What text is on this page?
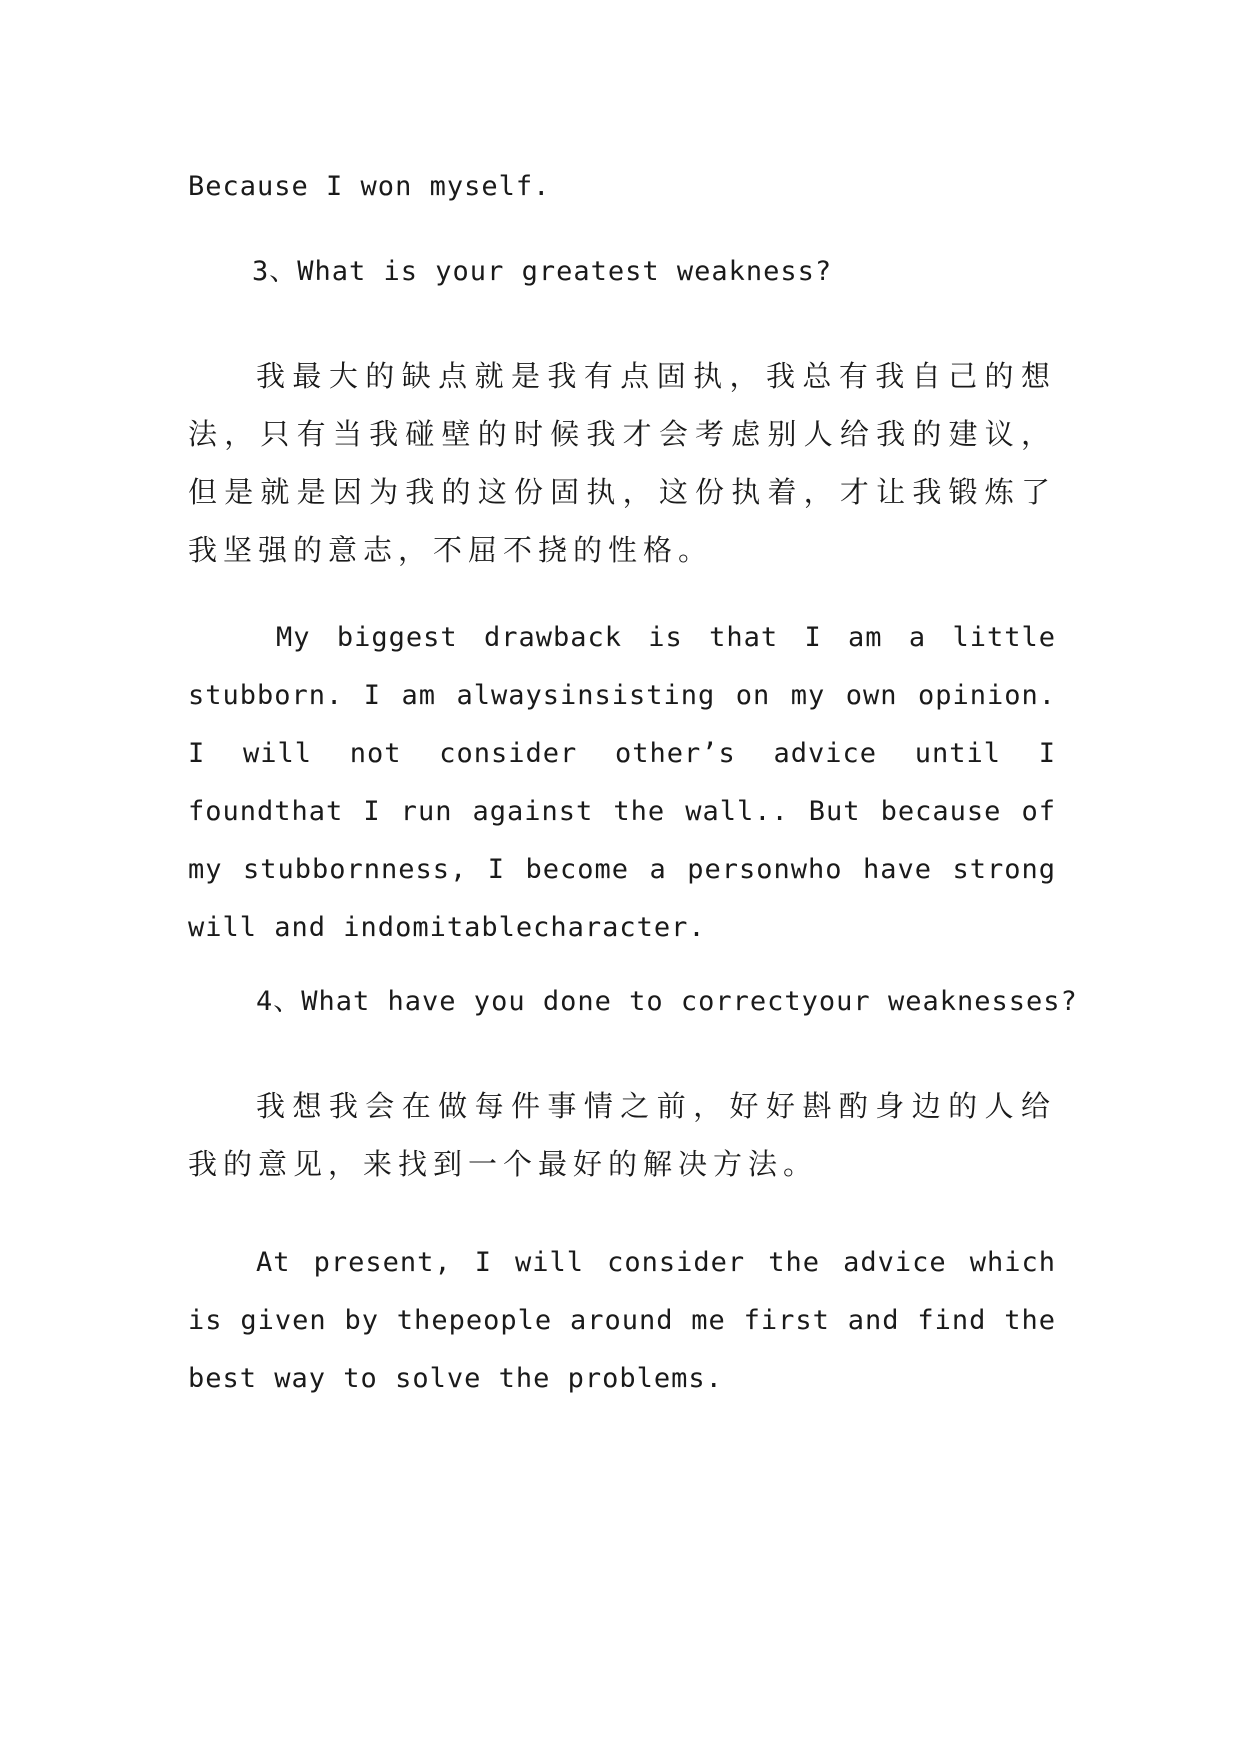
Because I won myself.

3、What is your greatest weakness?

我最大的缺点就是我有点固执，我总有我自己的想法，只有当我碰壁的时候我才会考虑别人给我的建议，但是就是因为我的这份固执，这份执着，才让我锻炼了我坚强的意志，不屈不挠的性格。

My biggest drawback is that I am a little stubborn. I am alwaysinsisting on my own opinion. I will not consider other’s advice until I foundthat I run against the wall.. But because of my stubbornness, I become a personwho have strong will and indomitablecharacter.

4、What have you done to correctyour weaknesses?

我想我会在做每件事情之前，好好斟酌身边的人给我的意见，来找到一个最好的解决方法。

At present, I will consider the advice which is given by thepeople around me first and find the best way to solve the problems.
